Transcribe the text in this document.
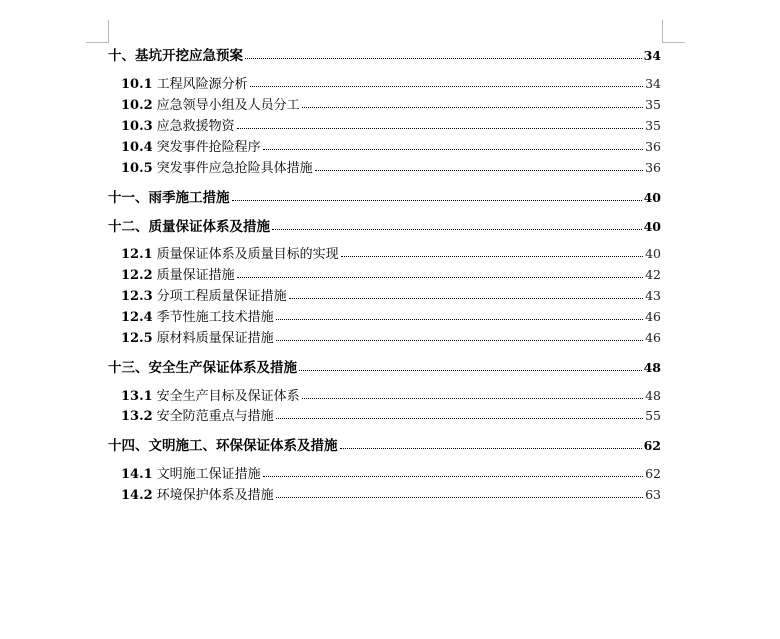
十、基坑开挖应急预案	34
10.1 工程风险源分析	34
10.2 应急领导小组及人员分工	35
10.3 应急救援物资	35
10.4 突发事件抢险程序	36
10.5 突发事件应急抢险具体措施	36
十一、雨季施工措施	40
十二、质量保证体系及措施	40
12.1 质量保证体系及质量目标的实现	40
12.2 质量保证措施	42
12.3 分项工程质量保证措施	43
12.4 季节性施工技术措施	46
12.5 原材料质量保证措施	46
十三、安全生产保证体系及措施	48
13.1 安全生产目标及保证体系	48
13.2 安全防范重点与措施	55
十四、文明施工、环保保证体系及措施	62
14.1 文明施工保证措施	62
14.2 环境保护体系及措施	63
